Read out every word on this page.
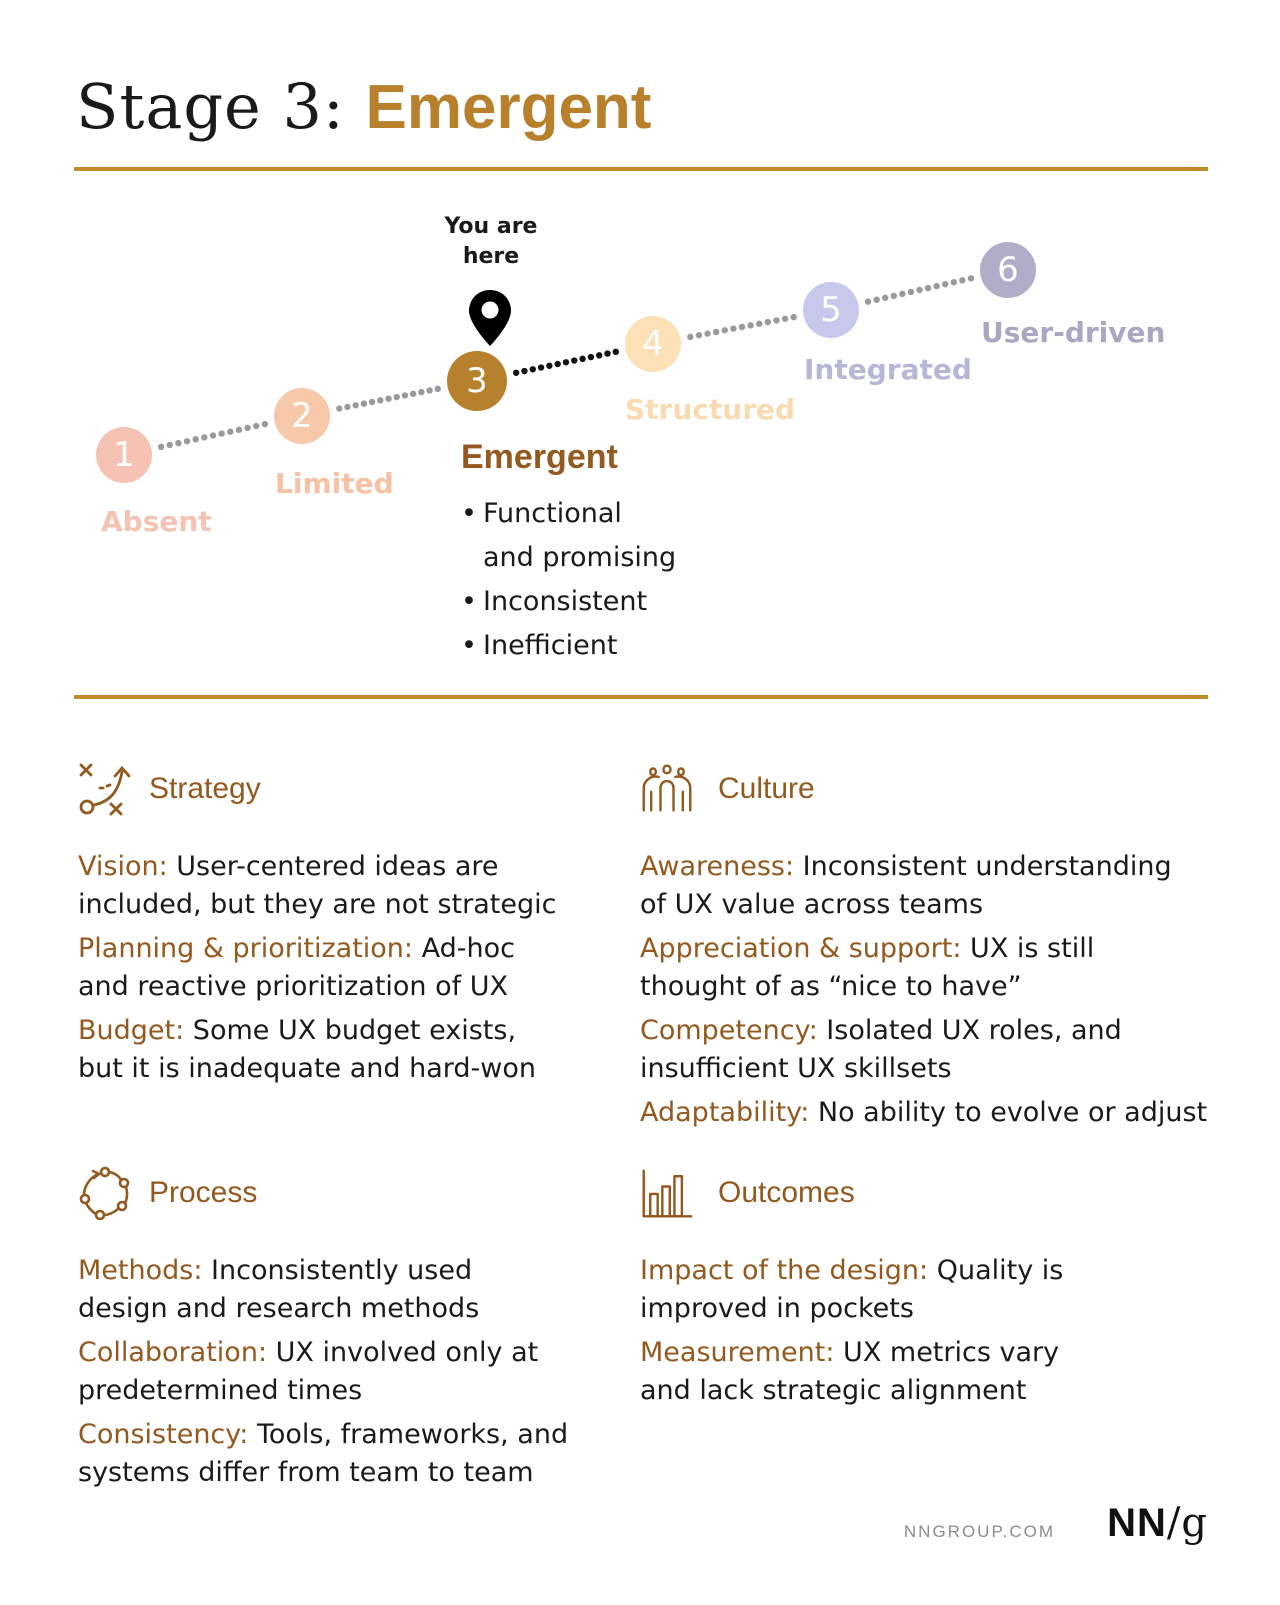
Stage 3: Emergent
You are
here
1
Absent
2
Limited
3
4
Structured
5
Integrated
6
User-driven
Emergent
• Functional
and promising
• Inconsistent
• Inefficient
Strategy
Vision: User-centered ideas are
included, but they are not strategic
Planning & prioritization: Ad-hoc
and reactive prioritization of UX
Budget: Some UX budget exists,
but it is inadequate and hard-won
Culture
Awareness: Inconsistent understanding
of UX value across teams
Appreciation & support: UX is still
thought of as “nice to have”
Competency: Isolated UX roles, and
insufficient UX skillsets
Adaptability: No ability to evolve or adjust
Process
Methods: Inconsistently used
design and research methods
Collaboration: UX involved only at
predetermined times
Consistency: Tools, frameworks, and
systems differ from team to team
Outcomes
Impact of the design: Quality is
improved in pockets
Measurement: UX metrics vary
and lack strategic alignment
NNGROUP.COM NN/g
